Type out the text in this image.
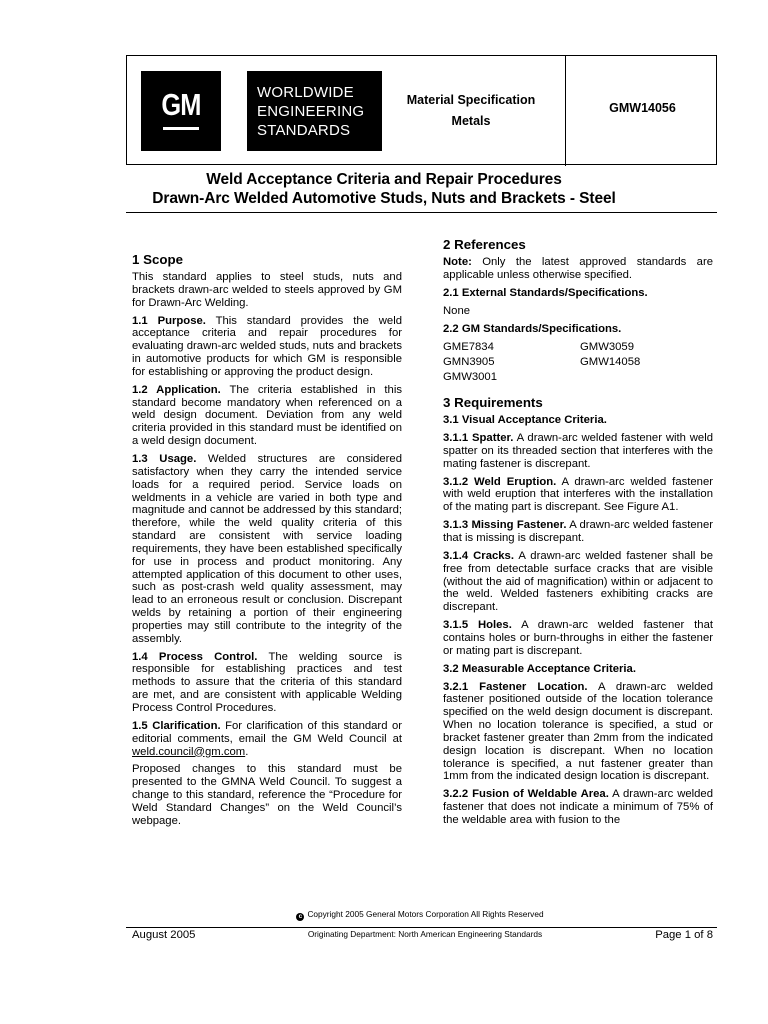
GM	WORLDWIDE
ENGINEERING
STANDARDS
Material Specification
Metals
GMW14056
Weld Acceptance Criteria and Repair Procedures
Drawn-Arc Welded Automotive Studs, Nuts and Brackets - Steel
1 Scope

This standard applies to steel studs, nuts and brackets drawn-arc welded to steels approved by GM for Drawn-Arc Welding.

1.1 Purpose. This standard provides the weld acceptance criteria and repair procedures for evaluating drawn-arc welded studs, nuts and brackets in automotive products for which GM is responsible for establishing or approving the product design.

1.2 Application. The criteria established in this standard become mandatory when referenced on a weld design document. Deviation from any weld criteria provided in this standard must be identified on a weld design document.

1.3 Usage. Welded structures are considered satisfactory when they carry the intended service loads for a required period. Service loads on weldments in a vehicle are varied in both type and magnitude and cannot be addressed by this standard; therefore, while the weld quality criteria of this standard are consistent with service loading requirements, they have been established specifically for use in process and product monitoring. Any attempted application of this document to other uses, such as post-crash weld quality assessment, may lead to an erroneous result or conclusion. Discrepant welds by retaining a portion of their engineering properties may still contribute to the integrity of the assembly.

1.4 Process Control. The welding source is responsible for establishing practices and test methods to assure that the criteria of this standard are met, and are consistent with applicable Welding Process Control Procedures.

1.5 Clarification. For clarification of this standard or editorial comments, email the GM Weld Council at weld.council@gm.com.

Proposed changes to this standard must be presented to the GMNA Weld Council. To suggest a change to this standard, reference the “Procedure for Weld Standard Changes” on the Weld Council’s webpage.

2 References

Note: Only the latest approved standards are applicable unless otherwise specified.

2.1 External Standards/Specifications.
None
2.2 GM Standards/Specifications.
GME7834	GMW3059
GMN3905	GMW14058
GMW3001
3 Requirements
3.1 Visual Acceptance Criteria.

3.1.1 Spatter. A drawn-arc welded fastener with weld spatter on its threaded section that interferes with the mating fastener is discrepant.

3.1.2 Weld Eruption. A drawn-arc welded fastener with weld eruption that interferes with the installation of the mating part is discrepant. See Figure A1.

3.1.3 Missing Fastener. A drawn-arc welded fastener that is missing is discrepant.

3.1.4 Cracks. A drawn-arc welded fastener shall be free from detectable surface cracks that are visible (without the aid of magnification) within or adjacent to the weld. Welded fasteners exhibiting cracks are discrepant.

3.1.5 Holes. A drawn-arc welded fastener that contains holes or burn-throughs in either the fastener or mating part is discrepant.

3.2 Measurable Acceptance Criteria.

3.2.1 Fastener Location. A drawn-arc welded fastener positioned outside of the location tolerance specified on the weld design document is discrepant. When no location tolerance is specified, a stud or bracket fastener greater than 2mm from the indicated design location is discrepant. When no location tolerance is specified, a nut fastener greater than 1mm from the indicated design location is discrepant.

3.2.2 Fusion of Weldable Area. A drawn-arc welded fastener that does not indicate a minimum of 75% of the weldable area with fusion to the

c Copyright 2005 General Motors Corporation All Rights Reserved
August 2005	Originating Department: North American Engineering Standards	Page 1 of 8
